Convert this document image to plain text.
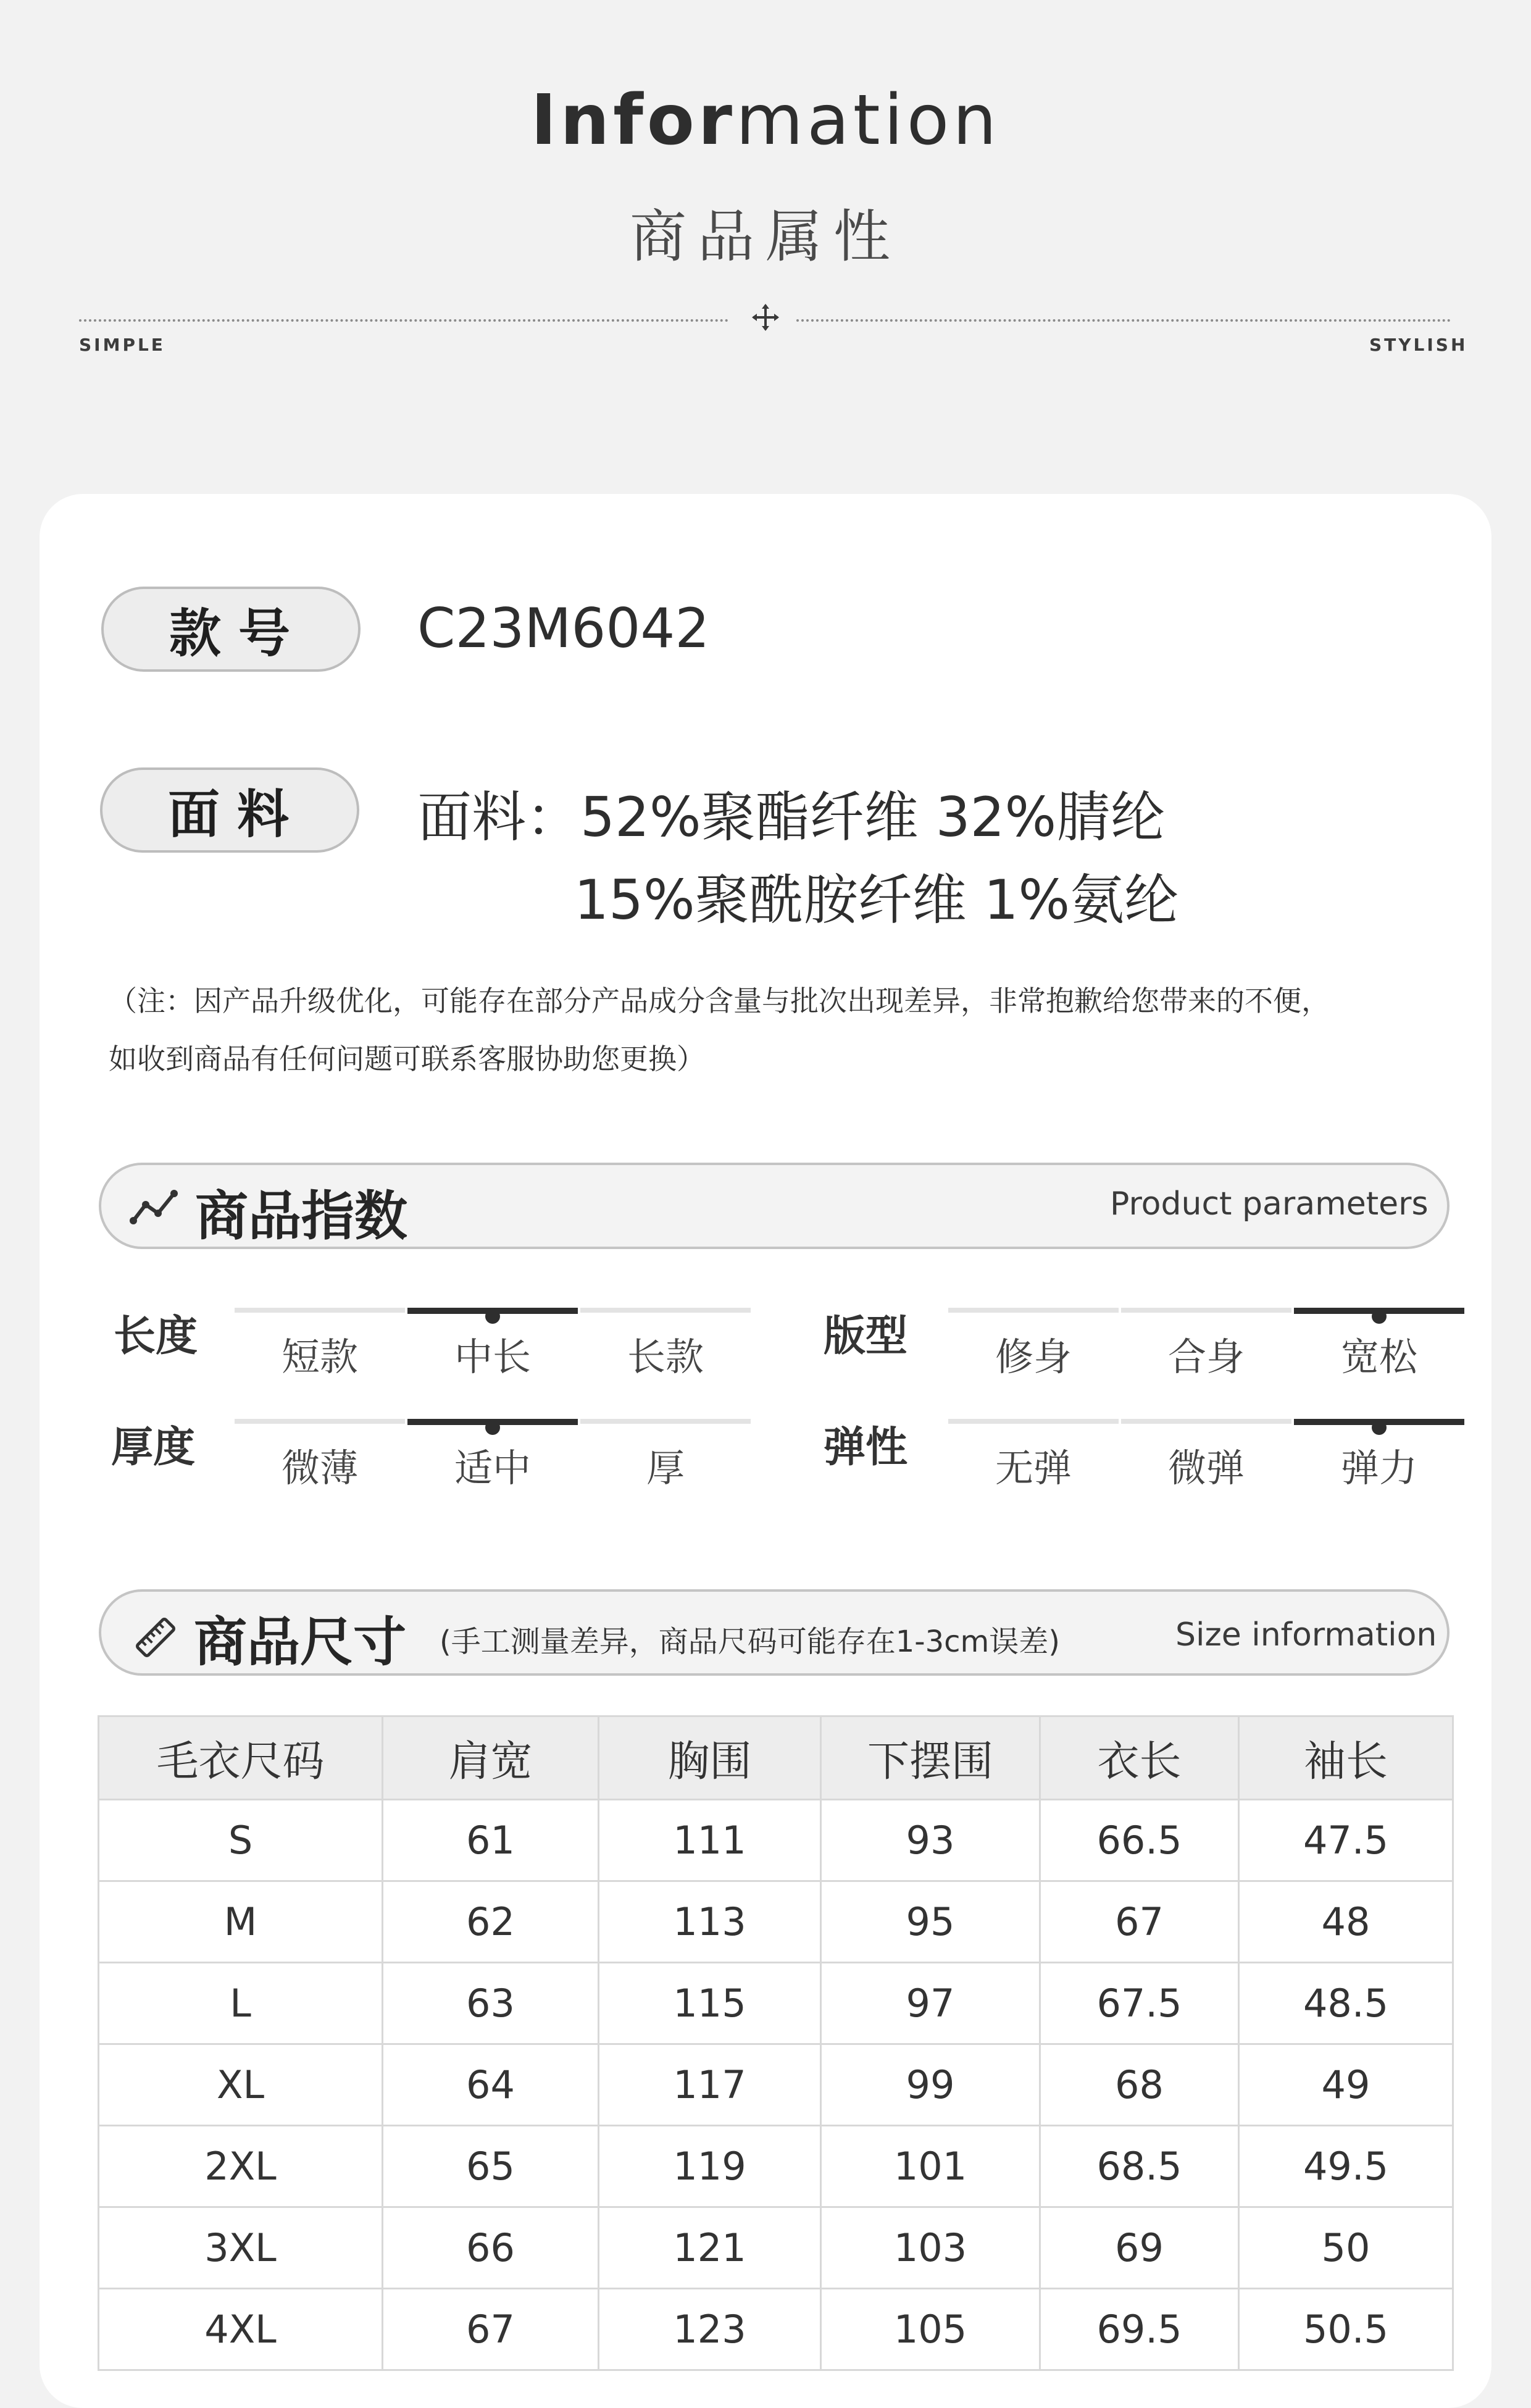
Information
商品属性
SIMPLE	STYLISH
款号	C23M6042
面料	面料：52%聚酯纤维 32%腈纶
15%聚酰胺纤维 1%氨纶
（注：因产品升级优化，可能存在部分产品成分含量与批次出现差异，非常抱歉给您带来的不便，
如收到商品有任何问题可联系客服协助您更换）
商品指数	Product parameters
长度	版型
厚度	弹性
短款	中长	长款	修身	合身	宽松
微薄	适中	厚	无弹	微弹	弹力
商品尺寸 (手工测量差异，商品尺码可能存在1-3cm误差)	Size information
毛衣尺码	肩宽	胸围	下摆围	衣长	袖长
S	61	111	93	66.5	47.5
M	62	113	95	67	48
L	63	115	97	67.5	48.5
XL	64	117	99	68	49
2XL	65	119	101	68.5	49.5
3XL	66	121	103	69	50
4XL	67	123	105	69.5	50.5
